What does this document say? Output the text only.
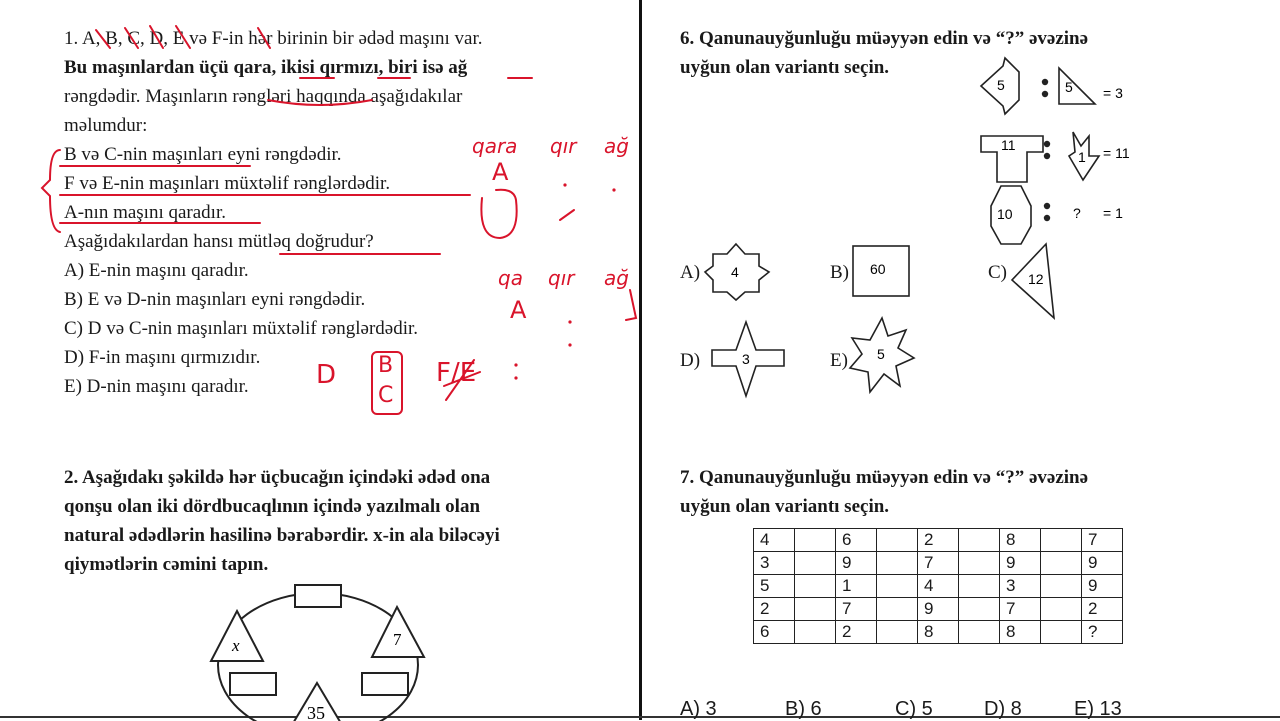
1. A, B, C, D, E və F-in hər birinin bir ədəd maşını var.
Bu maşınlardan üçü qara, ikisi qırmızı, biri isə ağ
rəngdədir. Maşınların rəngləri haqqında aşağıdakılar
məlumdur:
B və C-nin maşınları eyni rəngdədir.
F və E-nin maşınları müxtəlif rənglərdədir.
A-nın maşını qaradır.
Aşağıdakılardan hansı mütləq doğrudur?
A) E-nin maşını qaradır.
B) E və D-nin maşınları eyni rəngdədir.
C) D və C-nin maşınları müxtəlif rənglərdədir.
D) F-in maşını qırmızıdır.
E) D-nin maşını qaradır.
qara qır ağ
A
qa qır ağ
A
D B
C
F/E
2. Aşağıdakı şəkildə hər üçbucağın içindəki ədəd ona
qonşu olan iki dördbucaqlının içində yazılmalı olan
natural ədədlərin hasilinə bərabərdir. x-in ala biləcəyi
qiymətlərin cəmini tapın.
x	7
35
6. Qanunauyğunluğu müəyyən edin və “?” əvəzinə
uyğun olan variantı seçin.
5	5 = 3
11
1 = 11
10	? = 1
A) 4	B) 60	C) 12
D)	3	E) 5
7. Qanunauyğunluğu müəyyən edin və “?” əvəzinə
uyğun olan variantı seçin.
4		6		2		8		7
3		9		7		9		9
5		1		4		3		9
2		7		9		7		2
6		2		8		8		?
A) 3	B) 6	C) 5	D) 8	E) 13
